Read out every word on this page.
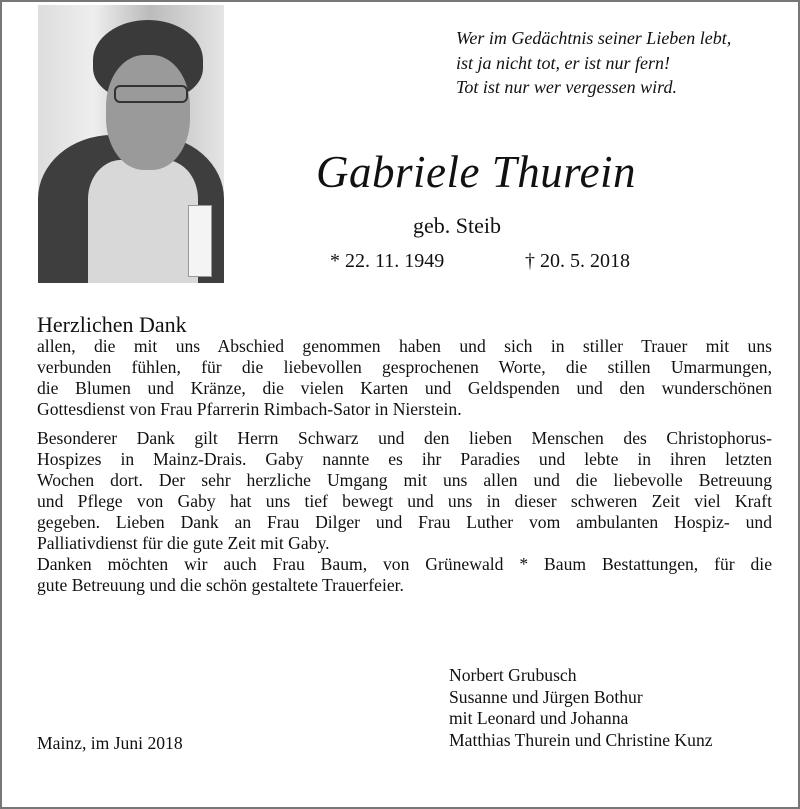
Wer im Gedächtnis seiner Lieben lebt,
ist ja nicht tot, er ist nur fern!
Tot ist nur wer vergessen wird.
Gabriele Thurein
geb. Steib
* 22. 11. 1949	† 20. 5. 2018
Herzlichen Dank
allen, die mit uns Abschied genommen haben und sich in stiller Trauer mit uns
verbunden fühlen, für die liebevollen gesprochenen Worte, die stillen Umarmungen,
die Blumen und Kränze, die vielen Karten und Geldspenden und den wunderschönen
Gottesdienst von Frau Pfarrerin Rimbach-Sator in Nierstein.
Besonderer Dank gilt Herrn Schwarz und den lieben Menschen des Christophorus-
Hospizes in Mainz-Drais. Gaby nannte es ihr Paradies und lebte in ihren letzten
Wochen dort. Der sehr herzliche Umgang mit uns allen und die liebevolle Betreuung
und Pflege von Gaby hat uns tief bewegt und uns in dieser schweren Zeit viel Kraft
gegeben. Lieben Dank an Frau Dilger und Frau Luther vom ambulanten Hospiz- und
Palliativdienst für die gute Zeit mit Gaby.
Danken möchten wir auch Frau Baum, von Grünewald * Baum Bestattungen, für die
gute Betreuung und die schön gestaltete Trauerfeier.
Norbert Grubusch
Susanne und Jürgen Bothur
mit Leonard und Johanna
Matthias Thurein und Christine Kunz
Mainz, im Juni 2018
